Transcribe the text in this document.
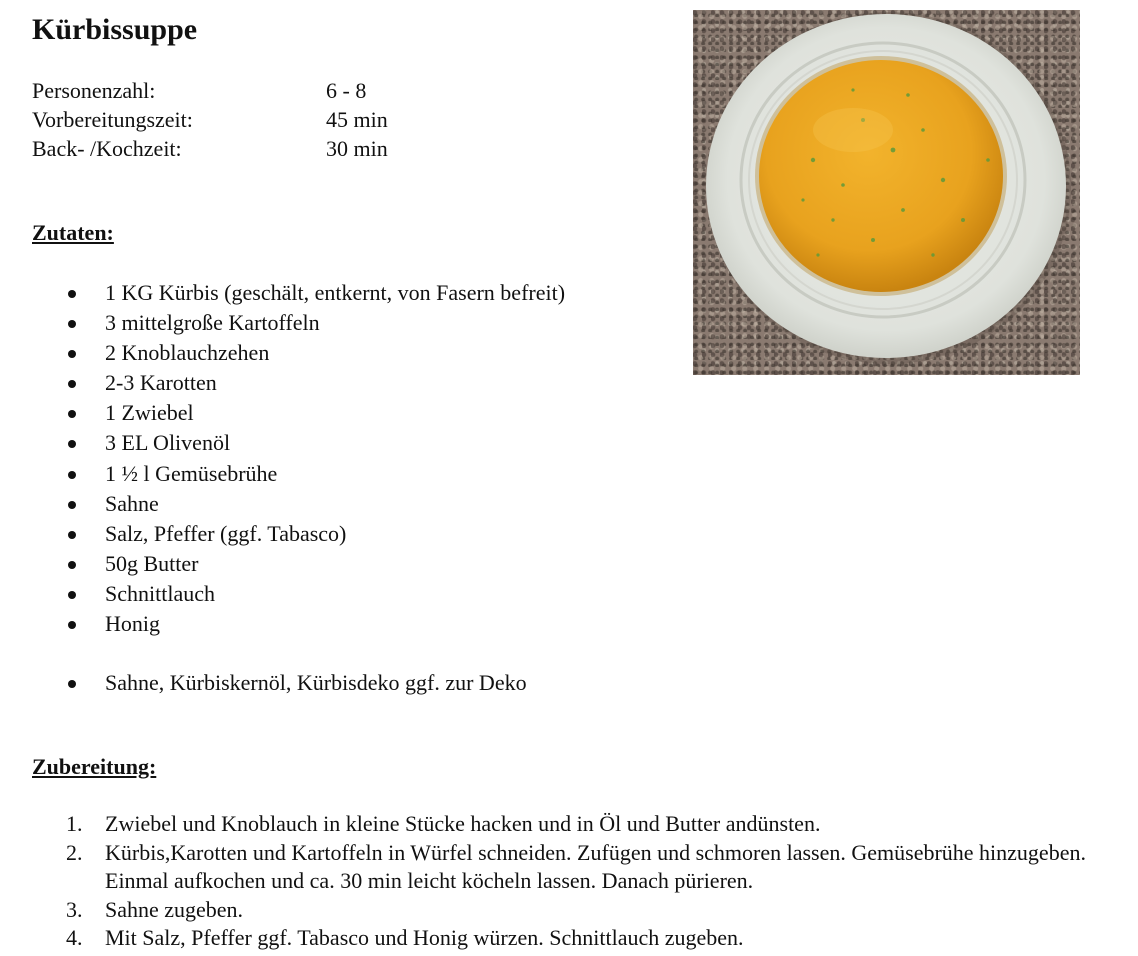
Kürbissuppe
Personenzahl:	6 - 8
Vorbereitungszeit:	45 min
Back- /Kochzeit:	30 min
Zutaten:
1 KG Kürbis (geschält, entkernt, von Fasern befreit)
3 mittelgroße Kartoffeln
2 Knoblauchzehen
2-3 Karotten
1 Zwiebel
3 EL Olivenöl
1 ½ l Gemüsebrühe
Sahne
Salz, Pfeffer (ggf. Tabasco)
50g Butter
Schnittlauch
Honig
Sahne, Kürbiskernöl, Kürbisdeko ggf. zur Deko
Zubereitung:
1. Zwiebel und Knoblauch in kleine Stücke hacken und in Öl und Butter andünsten.
2. Kürbis,Karotten und Kartoffeln in Würfel schneiden. Zufügen und schmoren lassen. Gemüsebrühe hinzugeben. Einmal aufkochen und ca. 30 min leicht köcheln lassen. Danach pürieren.
3. Sahne zugeben.
4. Mit Salz, Pfeffer ggf. Tabasco und Honig würzen. Schnittlauch zugeben.
